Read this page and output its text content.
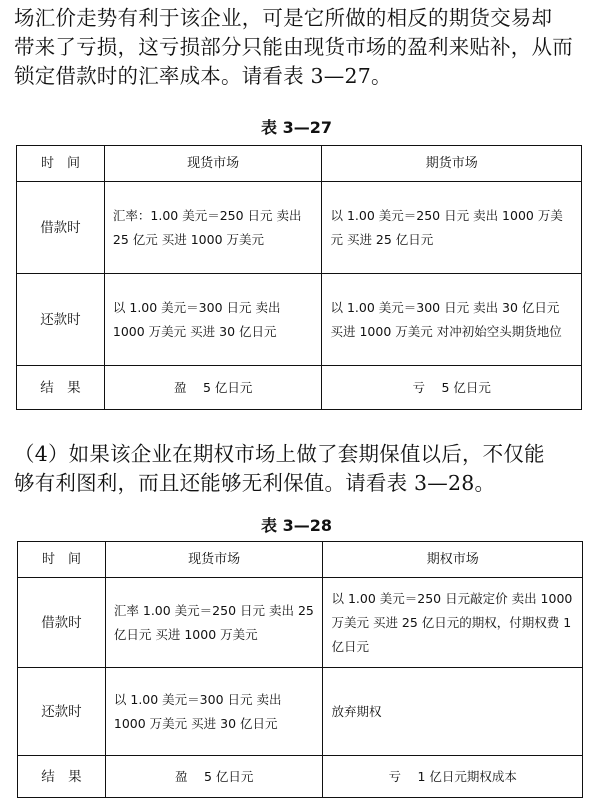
场汇价走势有利于该企业，可是它所做的相反的期货交易却

带来了亏损，这亏损部分只能由现货市场的盈利来贴补，从而

锁定借款时的汇率成本。请看表 3—27。

表 3—27
时　间	现货市场	期货市场
借款时	汇率：1.00 美元＝250 日元 卖出 25 亿元 买进 1000 万美元	以 1.00 美元＝250 日元 卖出 1000 万美元 买进 25 亿日元
还款时	以 1.00 美元＝300 日元 卖出 1000 万美元 买进 30 亿日元	以 1.00 美元＝300 日元 卖出 30 亿日元 买进 1000 万美元 对冲初始空头期货地位
结　果	盈　 5 亿日元	亏　 5 亿日元

（4）如果该企业在期权市场上做了套期保值以后，不仅能

够有利图利，而且还能够无利保值。请看表 3—28。

表 3—28
时　间	现货市场	期权市场
借款时	汇率 1.00 美元＝250 日元 卖出 25 亿日元 买进 1000 万美元	以 1.00 美元＝250 日元敲定价 卖出 1000 万美元 买进 25 亿日元的期权，付期权费 1 亿日元
还款时	以 1.00 美元＝300 日元 卖出 1000 万美元 买进 30 亿日元	放弃期权
结　果	盈　 5 亿日元	亏　 1 亿日元期权成本
